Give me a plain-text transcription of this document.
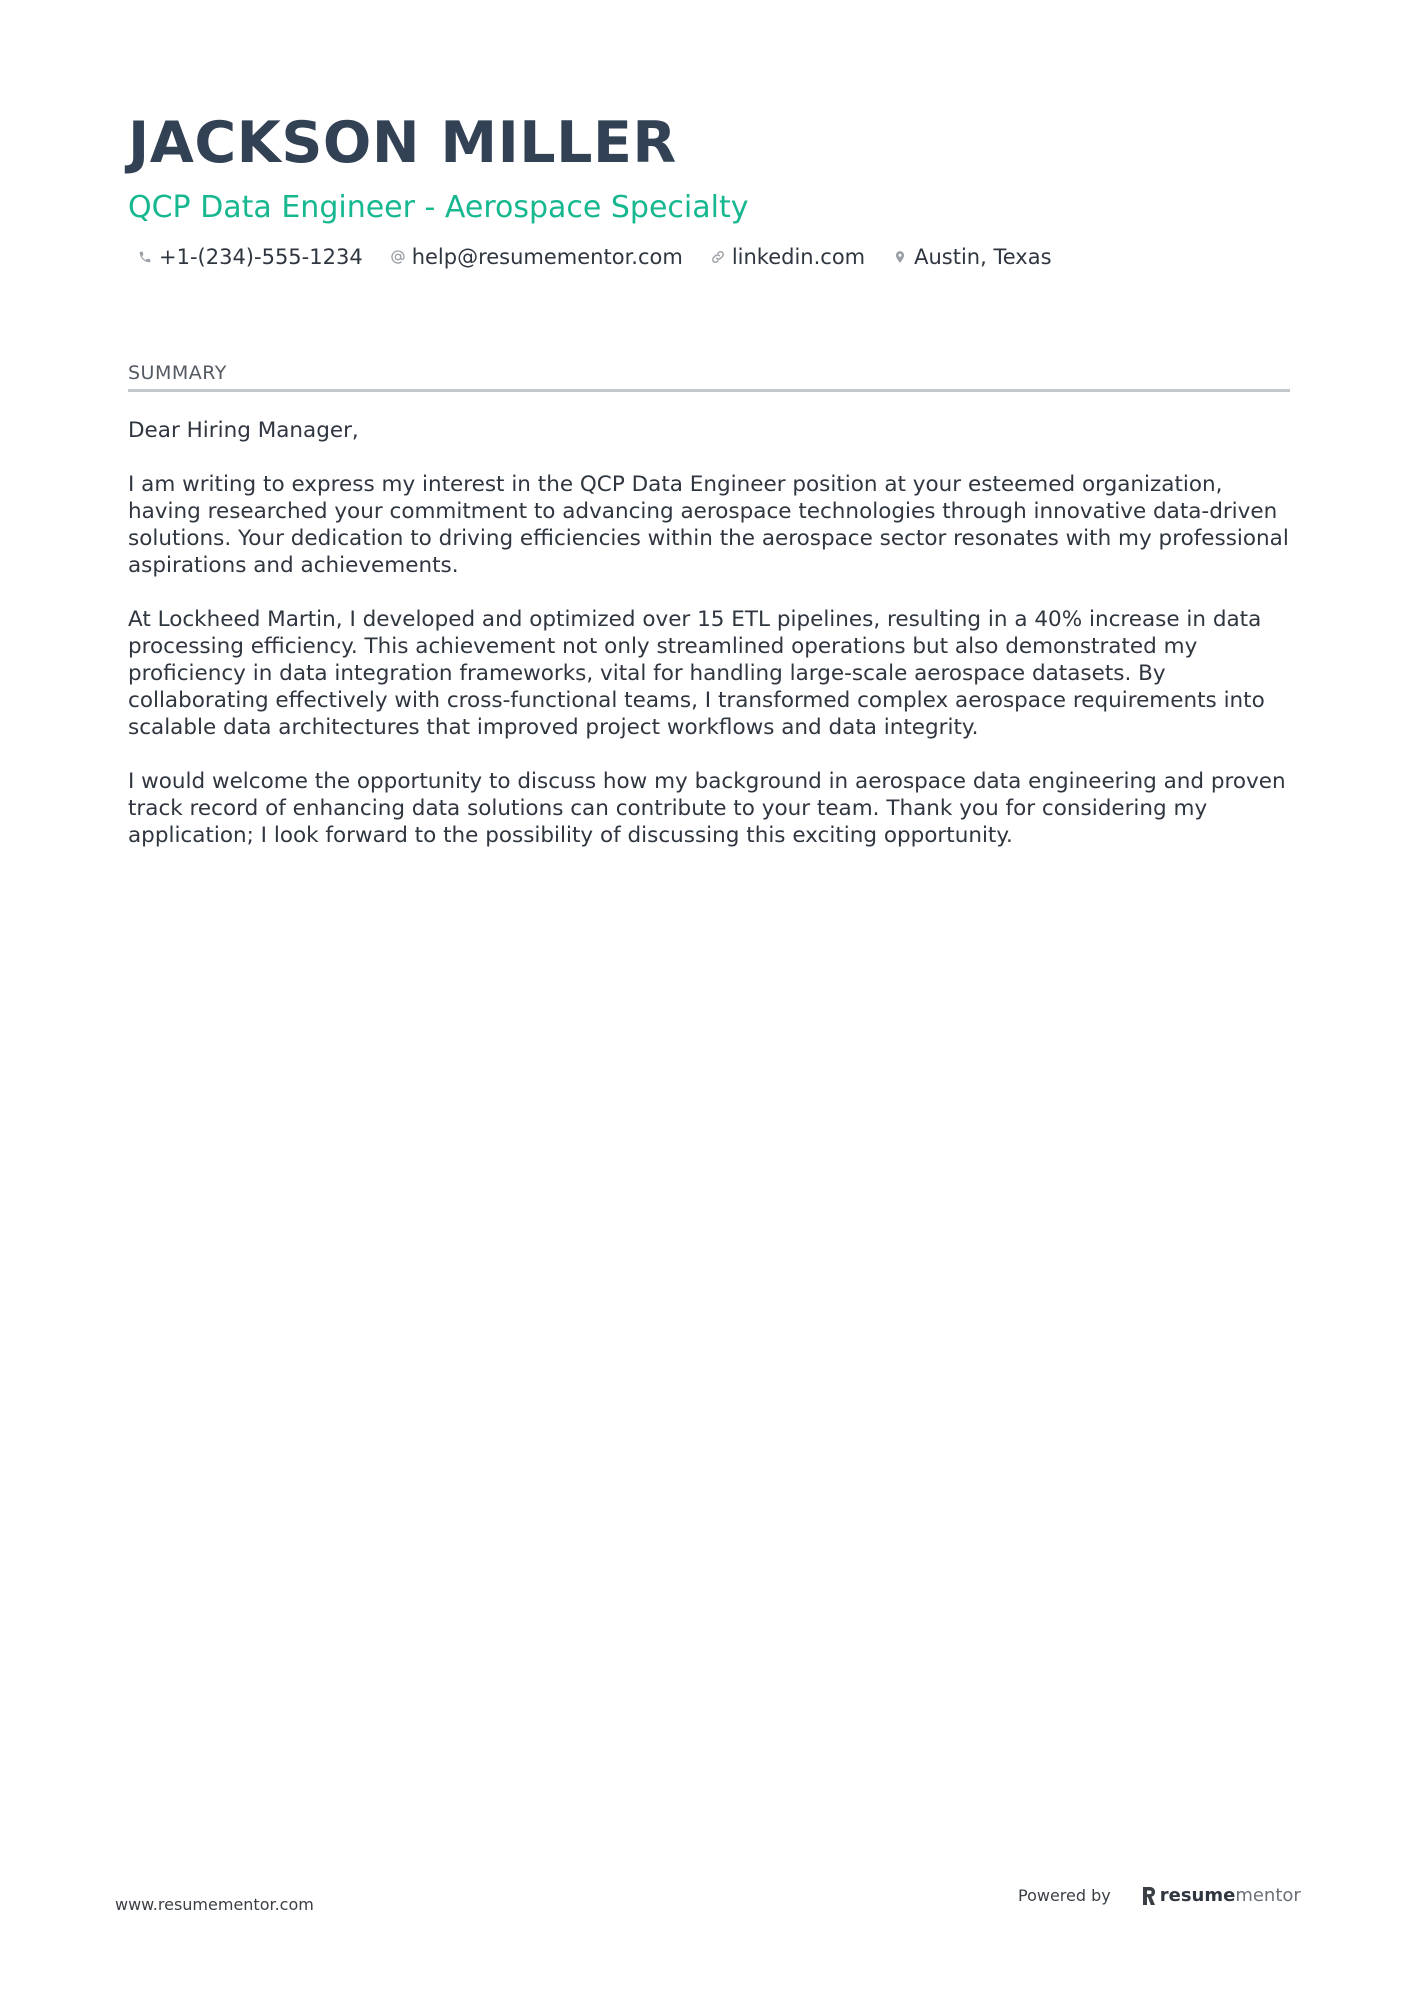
JACKSON MILLER
QCP Data Engineer - Aerospace Specialty
+1-(234)-555-1234 help@resumementor.com linkedin.com Austin, Texas
SUMMARY

Dear Hiring Manager,

I am writing to express my interest in the QCP Data Engineer position at your esteemed organization, having researched your commitment to advancing aerospace technologies through innovative data-driven solutions. Your dedication to driving efficiencies within the aerospace sector resonates with my professional aspirations and achievements.

At Lockheed Martin, I developed and optimized over 15 ETL pipelines, resulting in a 40% increase in data processing efficiency. This achievement not only streamlined operations but also demonstrated my proficiency in data integration frameworks, vital for handling large-scale aerospace datasets. By collaborating effectively with cross-functional teams, I transformed complex aerospace requirements into scalable data architectures that improved project workflows and data integrity.

I would welcome the opportunity to discuss how my background in aerospace data engineering and proven track record of enhancing data solutions can contribute to your team. Thank you for considering my application; I look forward to the possibility of discussing this exciting opportunity.

www.resumementor.com	Powered by	resume mentor
